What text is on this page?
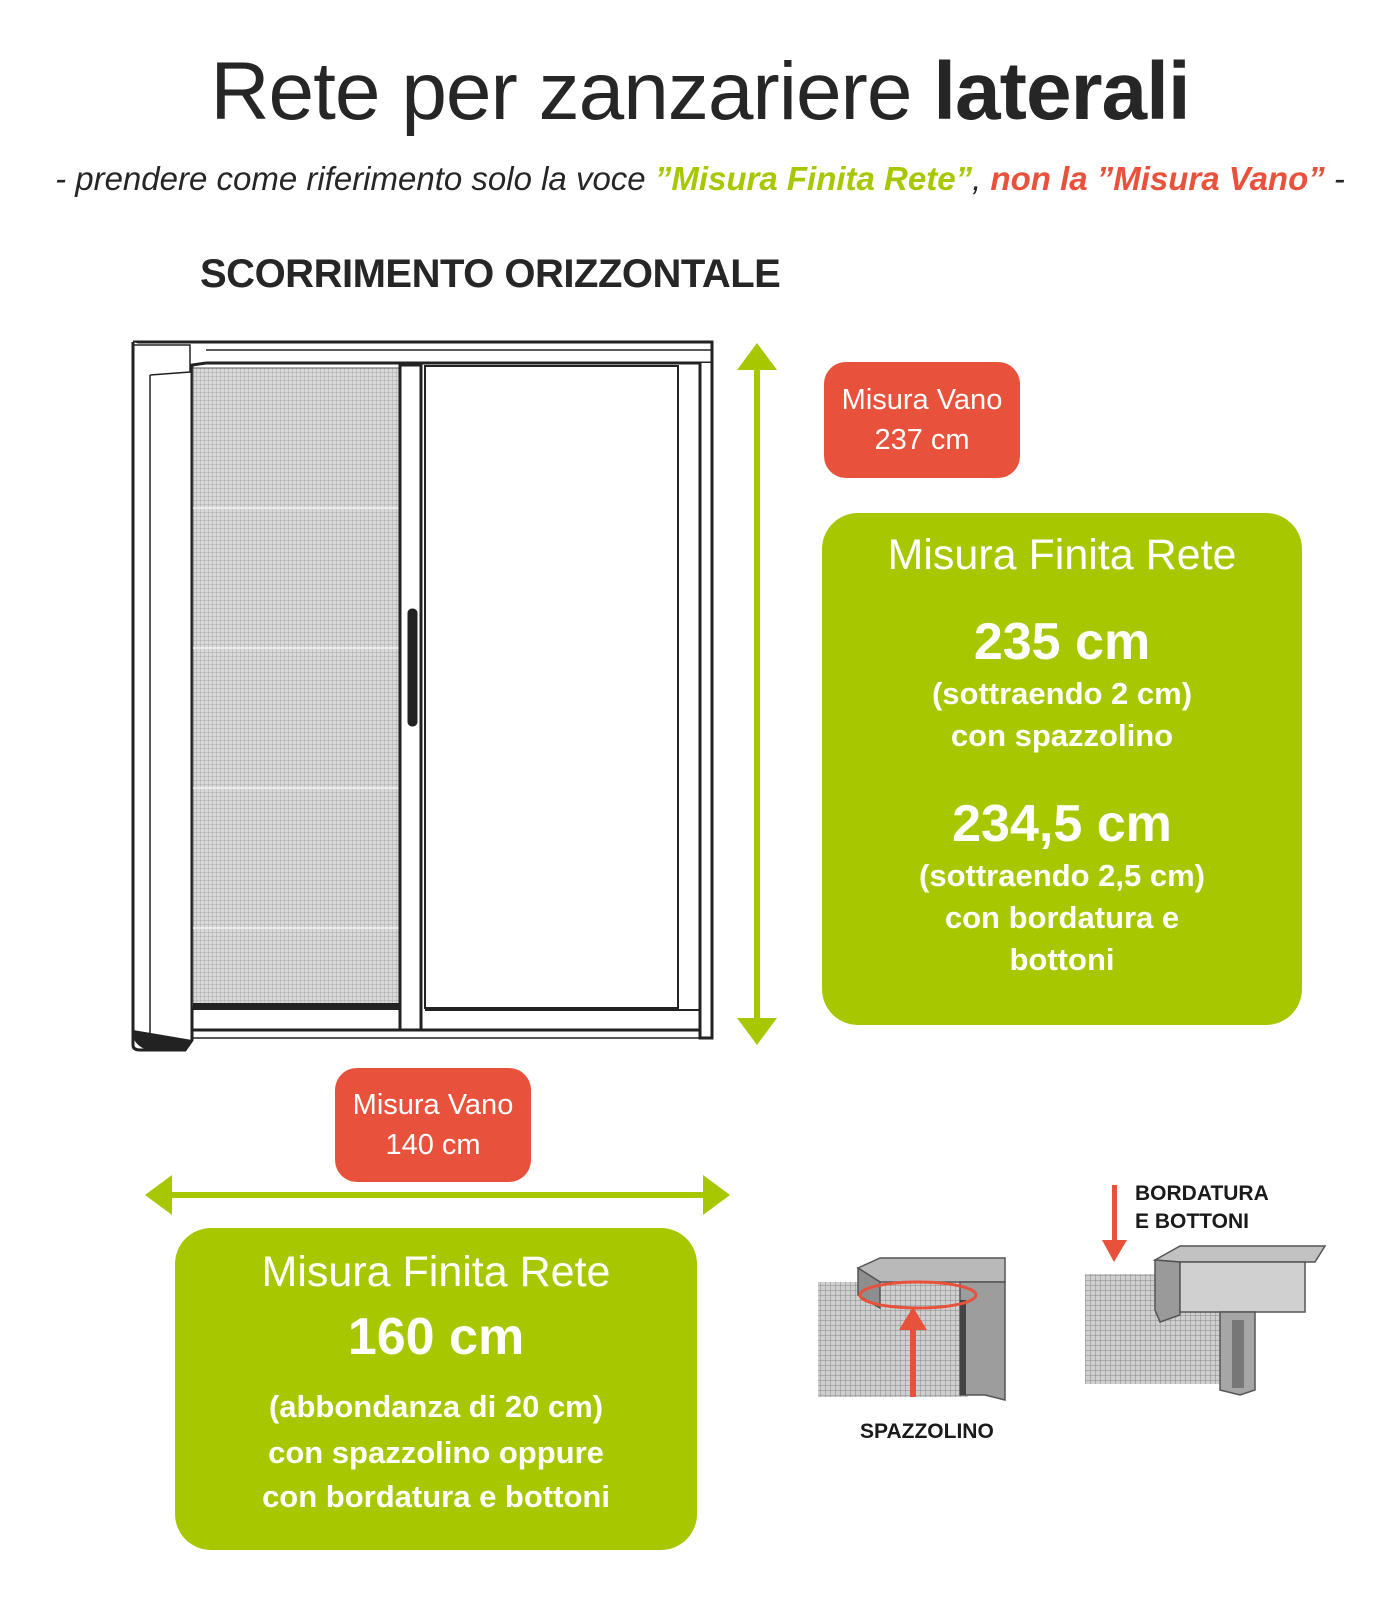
Rete per zanzariere laterali
- prendere come riferimento solo la voce ”Misura Finita Rete”, non la ”Misura Vano” -
SCORRIMENTO ORIZZONTALE
Misura Vano
237 cm
Misura Finita Rete
235 cm
(sottraendo 2 cm)
con spazzolino
234,5 cm
(sottraendo 2,5 cm)
con bordatura e
bottoni
Misura Vano
140 cm
Misura Finita Rete
160 cm
(abbondanza di 20 cm)
con spazzolino oppure
con bordatura e bottoni
SPAZZOLINO
BORDATURA
E BOTTONI
